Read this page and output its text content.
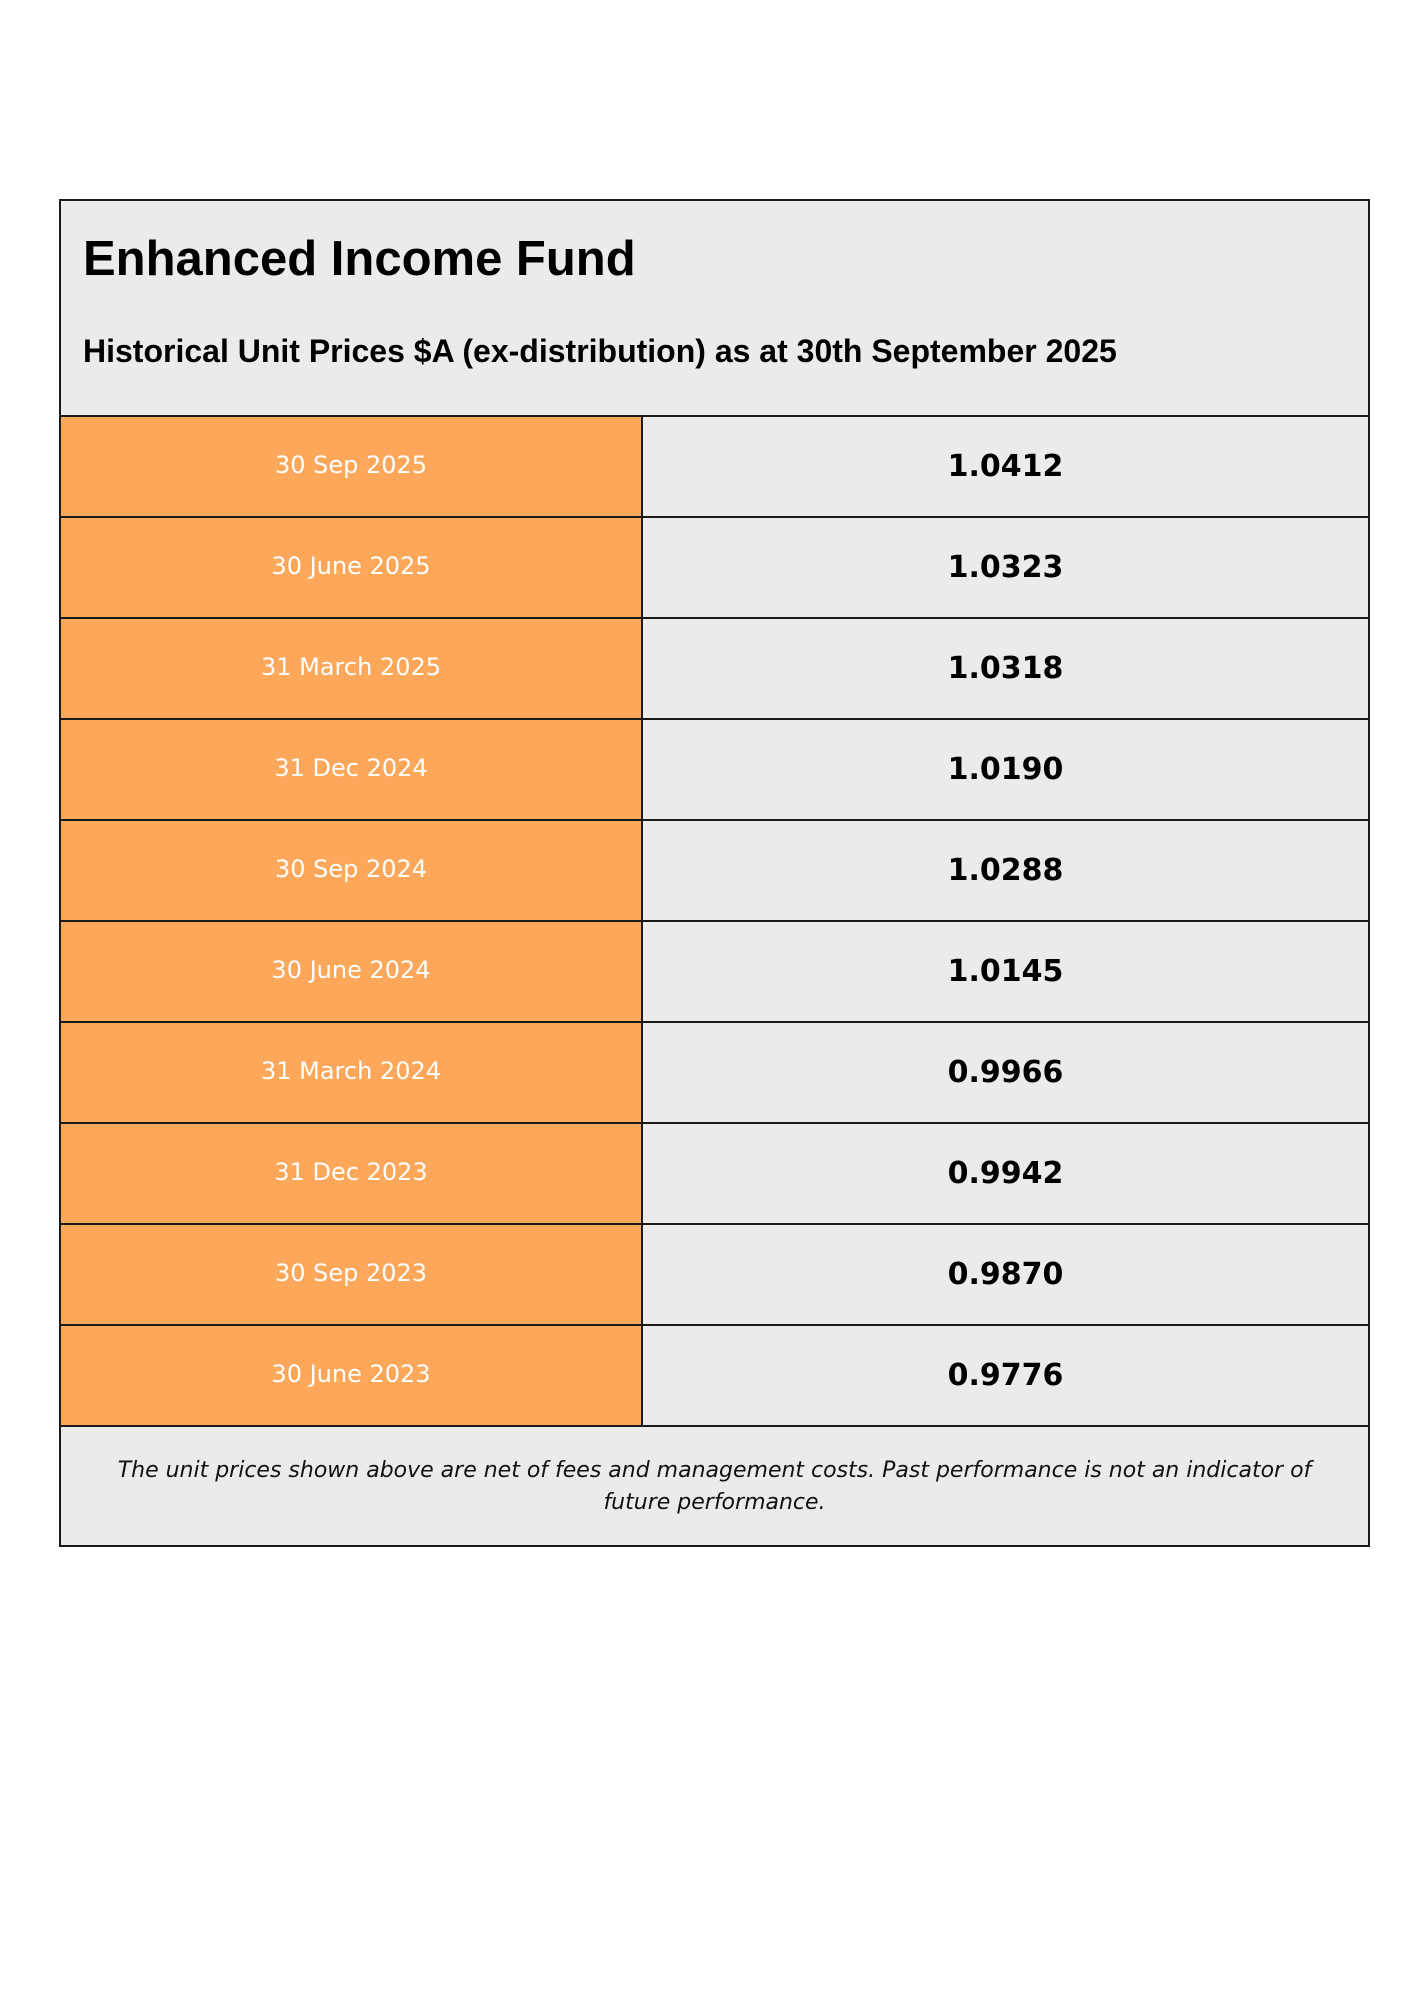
Enhanced Income Fund
Historical Unit Prices $A (ex-distribution) as at 30th September 2025
30 Sep 2025	1.0412
30 June 2025	1.0323
31 March 2025	1.0318
31 Dec 2024	1.0190
30 Sep 2024	1.0288
30 June 2024	1.0145
31 March 2024	0.9966
31 Dec 2023	0.9942
30 Sep 2023	0.9870
30 June 2023	0.9776
The unit prices shown above are net of fees and management costs. Past performance is not an indicator of future performance.
